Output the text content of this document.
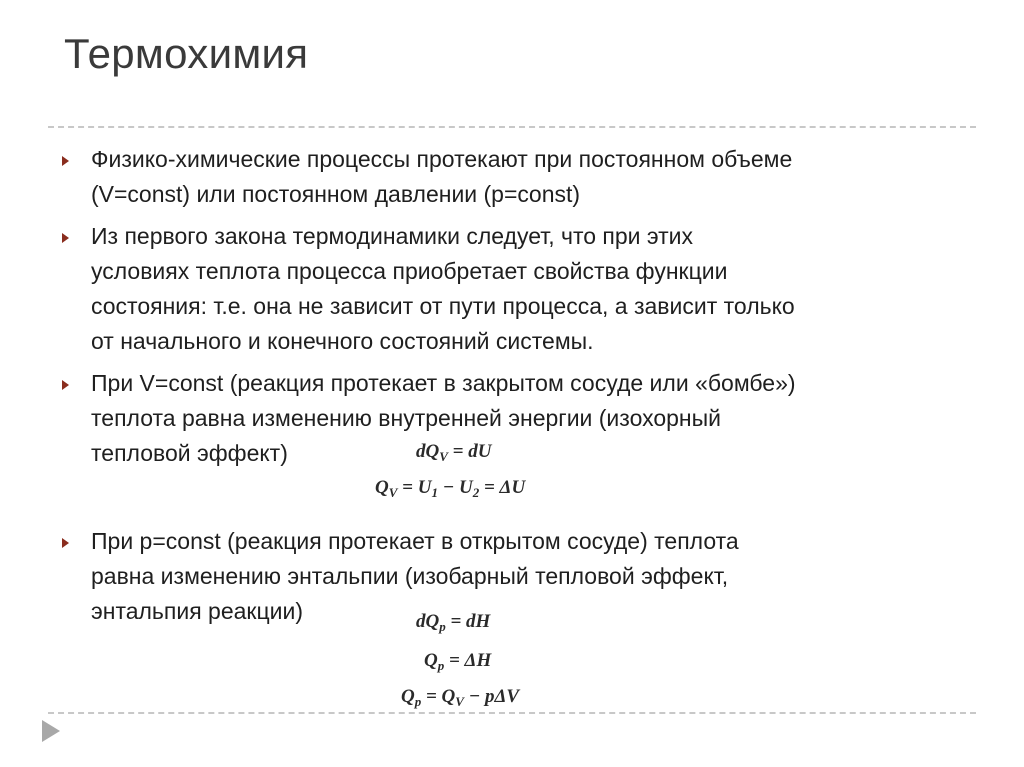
Термохимия
Физико-химические процессы протекают при постоянном объеме
(V=const) или постоянном давлении (p=const)
Из первого закона термодинамики следует, что при этих
условиях теплота процесса приобретает свойства функции
состояния: т.е. она не зависит от пути процесса, а зависит только
от начального и конечного состояний системы.
При V=const (реакция протекает в закрытом сосуде или «бомбе»)
теплота равна изменению внутренней энергии (изохорный
тепловой эффект)	$dQ_V$ = dU
$Q_V = U_1 - U_2 = \Delta U$
При p=const (реакция протекает в открытом сосуде) теплота
равна изменению энтальпии (изобарный тепловой эффект,
энтальпия реакции)	$dQ_p$ = dH
$Q_p = \Delta H$
$Q_p = Q_V - p\Delta V$
